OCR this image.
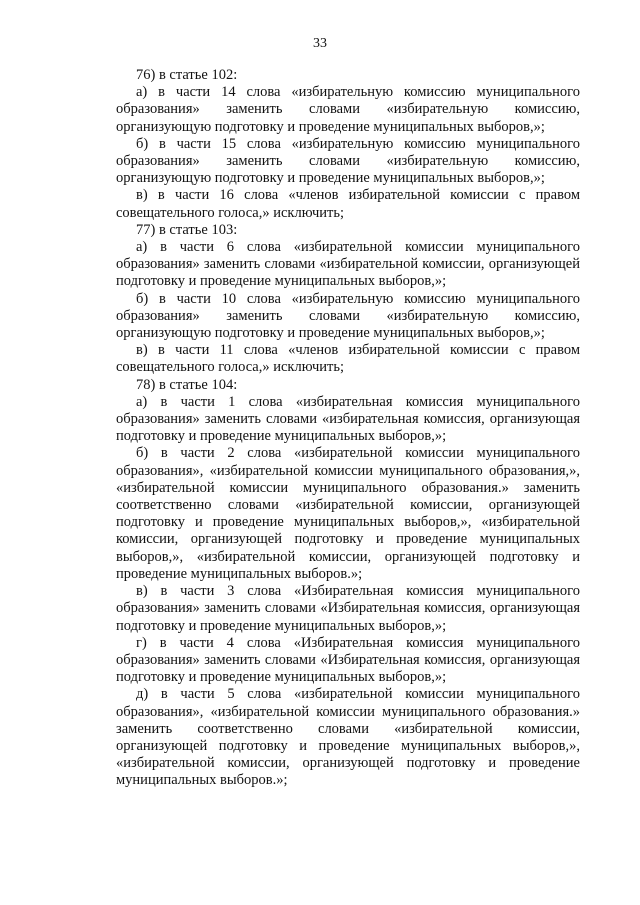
33

76) в статье 102:

а) в части 14 слова «избирательную комиссию муниципального образования» заменить словами «избирательную комиссию, организующую подготовку и проведение муниципальных выборов,»;

б) в части 15 слова «избирательную комиссию муниципального образования» заменить словами «избирательную комиссию, организующую подготовку и проведение муниципальных выборов,»;

в) в части 16 слова «членов избирательной комиссии с правом совещательного голоса,» исключить;

77) в статье 103:

а) в части 6 слова «избирательной комиссии муниципального образования» заменить словами «избирательной комиссии, организующей подготовку и проведение муниципальных выборов,»;

б) в части 10 слова «избирательную комиссию муниципального образования» заменить словами «избирательную комиссию, организующую подготовку и проведение муниципальных выборов,»;

в) в части 11 слова «членов избирательной комиссии с правом совещательного голоса,» исключить;

78) в статье 104:

а) в части 1 слова «избирательная комиссия муниципального образования» заменить словами «избирательная комиссия, организующая подготовку и проведение муниципальных выборов,»;

б) в части 2 слова «избирательной комиссии муниципального образования», «избирательной комиссии муниципального образования,», «избирательной комиссии муниципального образования.» заменить соответственно словами «избирательной комиссии, организующей подготовку и проведение муниципальных выборов,», «избирательной комиссии, организующей подготовку и проведение муниципальных выборов,», «избирательной комиссии, организующей подготовку и проведение муниципальных выборов.»;

в) в части 3 слова «Избирательная комиссия муниципального образования» заменить словами «Избирательная комиссия, организующая подготовку и проведение муниципальных выборов,»;

г) в части 4 слова «Избирательная комиссия муниципального образования» заменить словами «Избирательная комиссия, организующая подготовку и проведение муниципальных выборов,»;

д) в части 5 слова «избирательной комиссии муниципального образования», «избирательной комиссии муниципального образования.» заменить соответственно словами «избирательной комиссии, организующей подготовку и проведение муниципальных выборов,», «избирательной комиссии, организующей подготовку и проведение муниципальных выборов.»;
